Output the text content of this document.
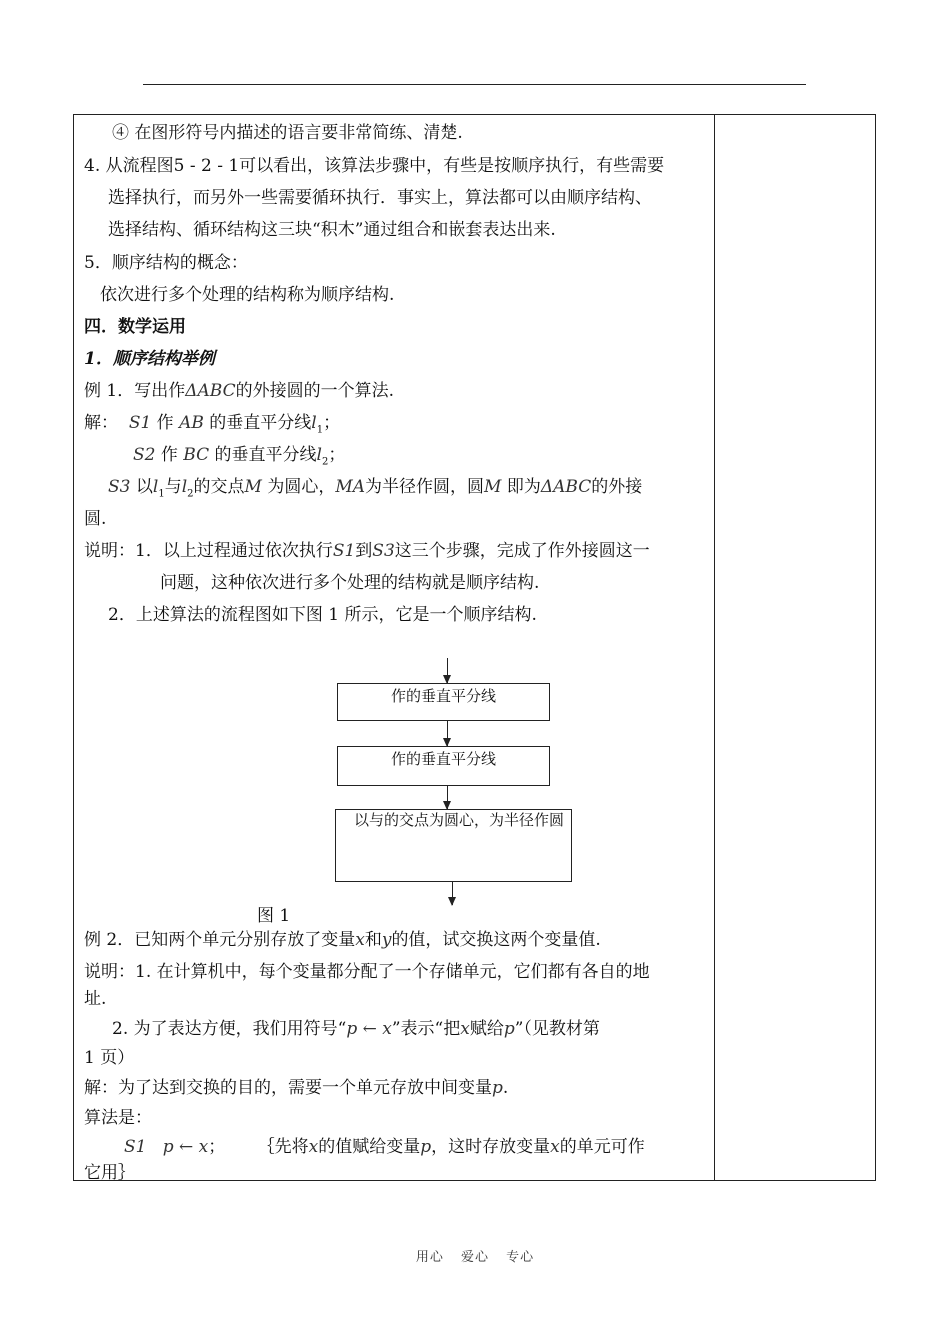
④ 在图形符号内描述的语言要非常简练、清楚.
4. 从流程图5 - 2 - 1可以看出，该算法步骤中，有些是按顺序执行，有些需要
选择执行，而另外一些需要循环执行．事实上，算法都可以由顺序结构、
选择结构、循环结构这三块“积木”通过组合和嵌套表达出来.
5．顺序结构的概念：
依次进行多个处理的结构称为顺序结构.
四．数学运用
1．顺序结构举例
例 1．写出作ΔABC的外接圆的一个算法.
解： S1 作 AB 的垂直平分线$l_1$；
S2 作 BC 的垂直平分线$l_2$；
S3 以$l_1$与$l_2$的交点M 为圆心，MA为半径作圆，圆M 即为ΔABC的外接
圆.
说明：1．以上过程通过依次执行S1到S3这三个步骤，完成了作外接圆这一
问题，这种依次进行多个处理的结构就是顺序结构.
2．上述算法的流程图如下图 1 所示，它是一个顺序结构.
例 2．已知两个单元分别存放了变量x和y的值，试交换这两个变量值.
说明：1. 在计算机中，每个变量都分配了一个存储单元，它们都有各自的地
址.
2. 为了表达方便，我们用符号“p ← x”表示“把x赋给p”（见教材第
1 页）
解：为了达到交换的目的，需要一个单元存放中间变量p.
算法是：
S1 p ← x； ｛先将x的值赋给变量p，这时存放变量x的单元可作
它用｝
作的垂直平分线
作的垂直平分线
以与的交点为圆心，为半径作圆
图 1
用心 爱心 专心
